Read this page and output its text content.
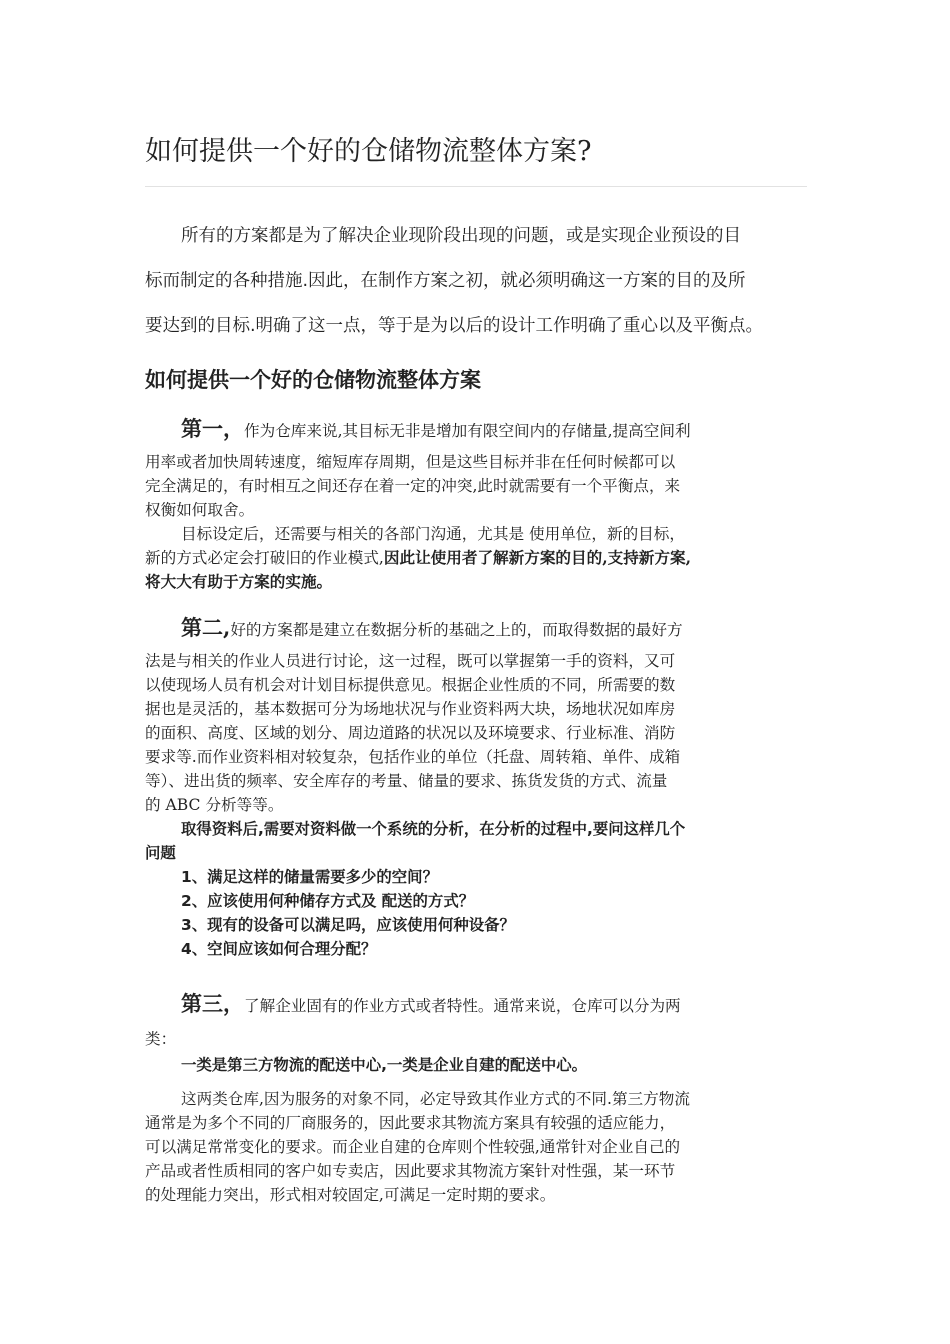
如何提供一个好的仓储物流整体方案?
所有的方案都是为了解决企业现阶段出现的问题，或是实现企业预设的目
标而制定的各种措施.因此，在制作方案之初，就必须明确这一方案的目的及所
要达到的目标.明确了这一点，等于是为以后的设计工作明确了重心以及平衡点。
如何提供一个好的仓储物流整体方案
第一，作为仓库来说,其目标无非是增加有限空间内的存储量,提高空间利
用率或者加快周转速度，缩短库存周期，但是这些目标并非在任何时候都可以
完全满足的，有时相互之间还存在着一定的冲突,此时就需要有一个平衡点，来
权衡如何取舍。
目标设定后，还需要与相关的各部门沟通，尤其是 使用单位，新的目标，
新的方式必定会打破旧的作业模式,因此让使用者了解新方案的目的,支持新方案,
将大大有助于方案的实施。
第二,好的方案都是建立在数据分析的基础之上的，而取得数据的最好方
法是与相关的作业人员进行讨论，这一过程，既可以掌握第一手的资料，又可
以使现场人员有机会对计划目标提供意见。根据企业性质的不同，所需要的数
据也是灵活的，基本数据可分为场地状况与作业资料两大块，场地状况如库房
的面积、高度、区域的划分、周边道路的状况以及环境要求、行业标准、消防
要求等.而作业资料相对较复杂，包括作业的单位（托盘、周转箱、单件、成箱
等）、进出货的频率、安全库存的考量、储量的要求、拣货发货的方式、流量
的 ABC 分析等等。
取得资料后,需要对资料做一个系统的分析，在分析的过程中,要问这样几个
问题
1、满足这样的储量需要多少的空间？
2、应该使用何种储存方式及 配送的方式？
3、现有的设备可以满足吗，应该使用何种设备？
4、空间应该如何合理分配？
第三，了解企业固有的作业方式或者特性。通常来说，仓库可以分为两
类：
一类是第三方物流的配送中心,一类是企业自建的配送中心。
这两类仓库,因为服务的对象不同，必定导致其作业方式的不同.第三方物流
通常是为多个不同的厂商服务的，因此要求其物流方案具有较强的适应能力，
可以满足常常变化的要求。而企业自建的仓库则个性较强,通常针对企业自己的
产品或者性质相同的客户如专卖店，因此要求其物流方案针对性强，某一环节
的处理能力突出，形式相对较固定,可满足一定时期的要求。
